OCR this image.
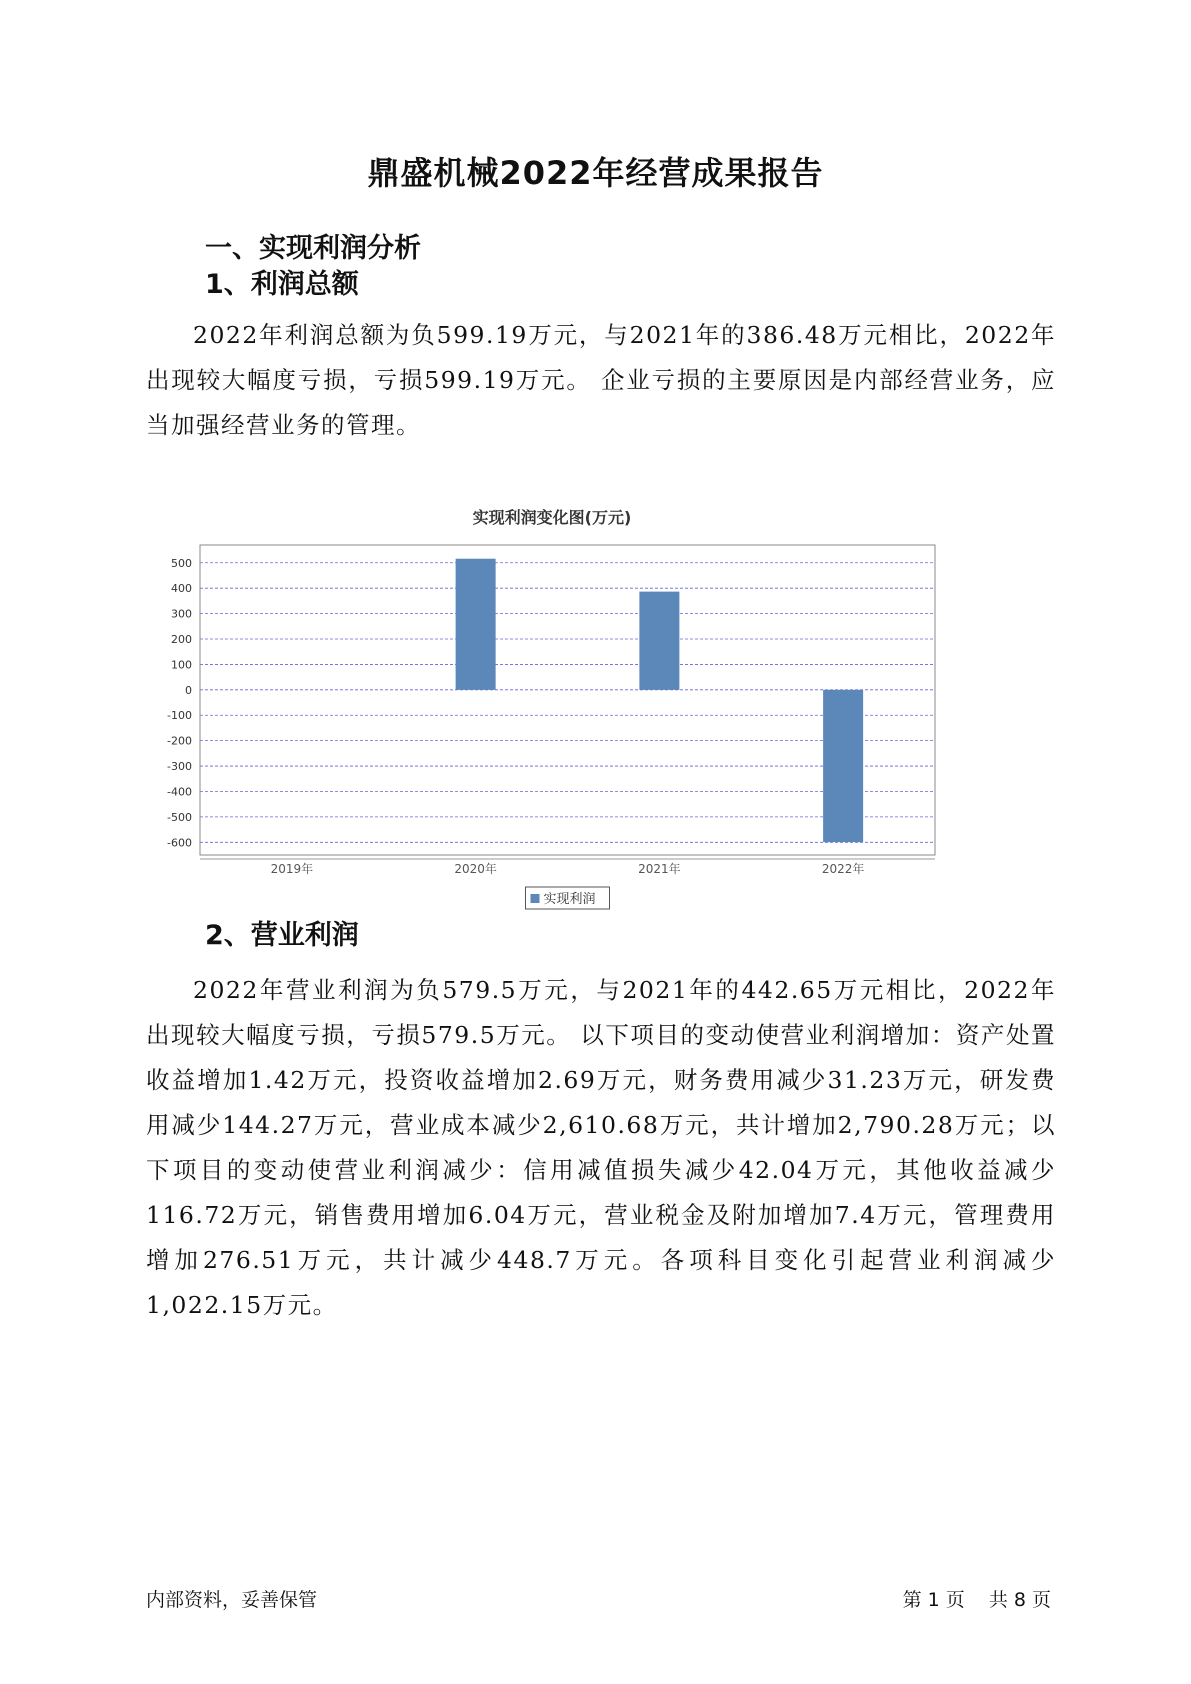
鼎盛机械2022年经营成果报告
一、实现利润分析
1、利润总额

2022年利润总额为负599.19万元，与2021年的386.48万元相比，2022年出现较大幅度亏损，亏损599.19万元。 企业亏损的主要原因是内部经营业务，应当加强经营业务的管理。

实现利润变化图(万元)
500
400
300
200
100
0
-100
-200
-300
-400
-500
-600
2019年	2020年	2021年	2022年
实现利润
2、营业利润

2022年营业利润为负579.5万元，与2021年的442.65万元相比，2022年出现较大幅度亏损，亏损579.5万元。 以下项目的变动使营业利润增加：资产处置收益增加1.42万元，投资收益增加2.69万元，财务费用减少31.23万元，研发费用减少144.27万元，营业成本减少2,610.68万元，共计增加2,790.28万元；以下项目的变动使营业利润减少：信用减值损失减少42.04万元，其他收益减少116.72万元，销售费用增加6.04万元，营业税金及附加增加7.4万元，管理费用增加276.51万元，共计减少448.7万元。各项科目变化引起营业利润减少1,022.15万元。

内部资料，妥善保管	第 1 页 共 8 页
